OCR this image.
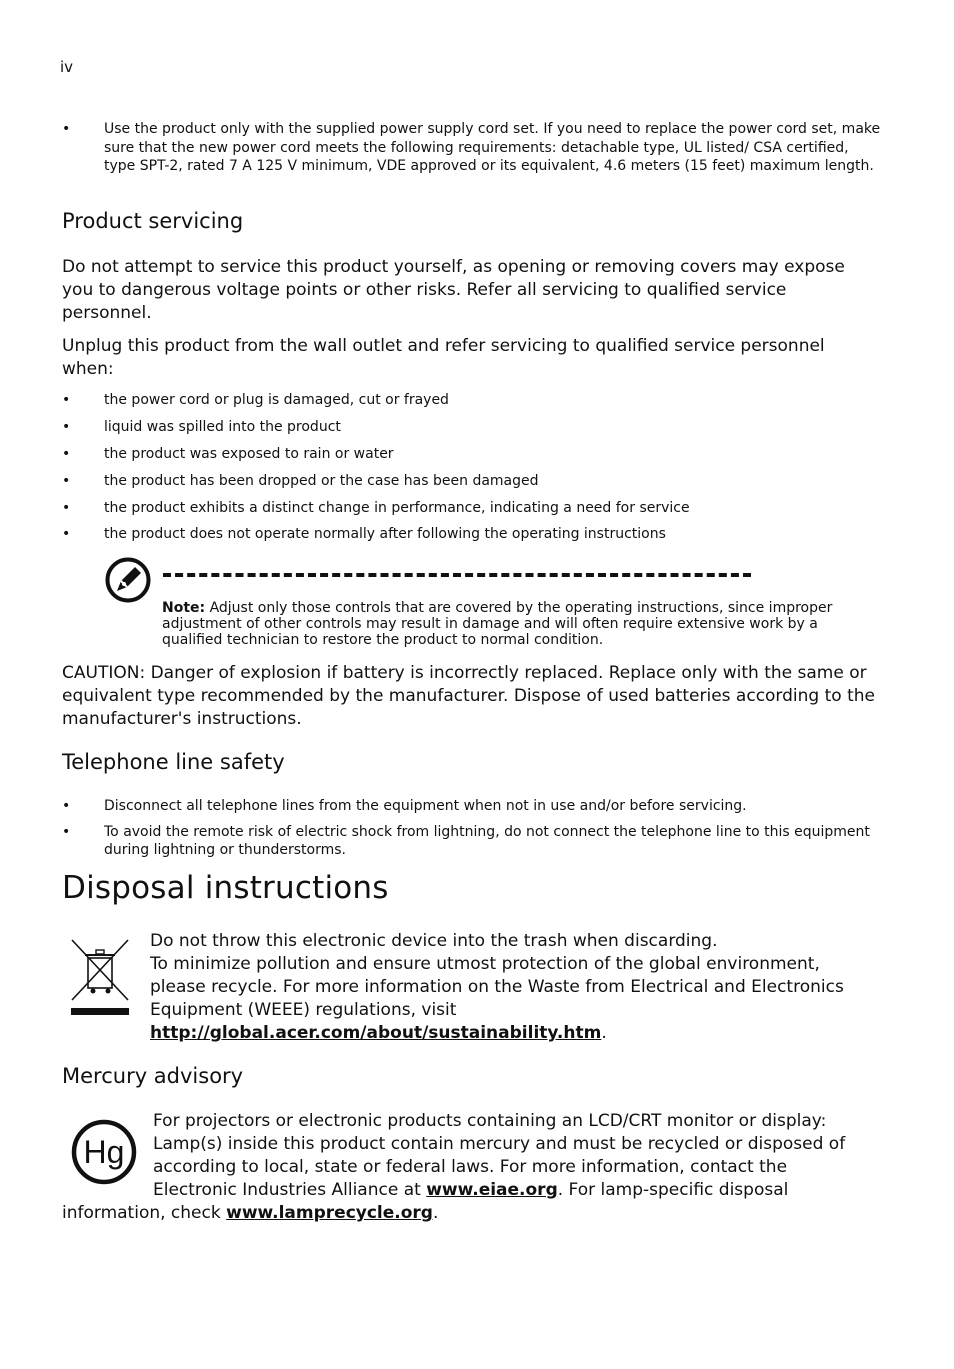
iv
• Use the product only with the supplied power supply cord set. If you need to replace the power cord set, make sure that the new power cord meets the following requirements: detachable type, UL listed/ CSA certified, type SPT-2, rated 7 A 125 V minimum, VDE approved or its equivalent, 4.6 meters (15 feet) maximum length.
Product servicing

Do not attempt to service this product yourself, as opening or removing covers may expose you to dangerous voltage points or other risks. Refer all servicing to qualified service personnel.

Unplug this product from the wall outlet and refer servicing to qualified service personnel when:

• the power cord or plug is damaged, cut or frayed
• liquid was spilled into the product
• the product was exposed to rain or water
• the product has been dropped or the case has been damaged
• the product exhibits a distinct change in performance, indicating a need for service
• the product does not operate normally after following the operating instructions
Note: Adjust only those controls that are covered by the operating instructions, since improper adjustment of other controls may result in damage and will often require extensive work by a qualified technician to restore the product to normal condition.

CAUTION: Danger of explosion if battery is incorrectly replaced. Replace only with the same or equivalent type recommended by the manufacturer. Dispose of used batteries according to the manufacturer's instructions.

Telephone line safety
• Disconnect all telephone lines from the equipment when not in use and/or before servicing.
• To avoid the remote risk of electric shock from lightning, do not connect the telephone line to this equipment during lightning or thunderstorms.
Disposal instructions
Do not throw this electronic device into the trash when discarding.
To minimize pollution and ensure utmost protection of the global environment, please recycle. For more information on the Waste from Electrical and Electronics Equipment (WEEE) regulations, visit
http://global.acer.com/about/sustainability.htm.
Mercury advisory
Hg

For projectors or electronic products containing an LCD/CRT monitor or display: Lamp(s) inside this product contain mercury and must be recycled or disposed of according to local, state or federal laws. For more information, contact the Electronic Industries Alliance at www.eiae.org. For lamp-specific disposal

information, check www.lamprecycle.org.
